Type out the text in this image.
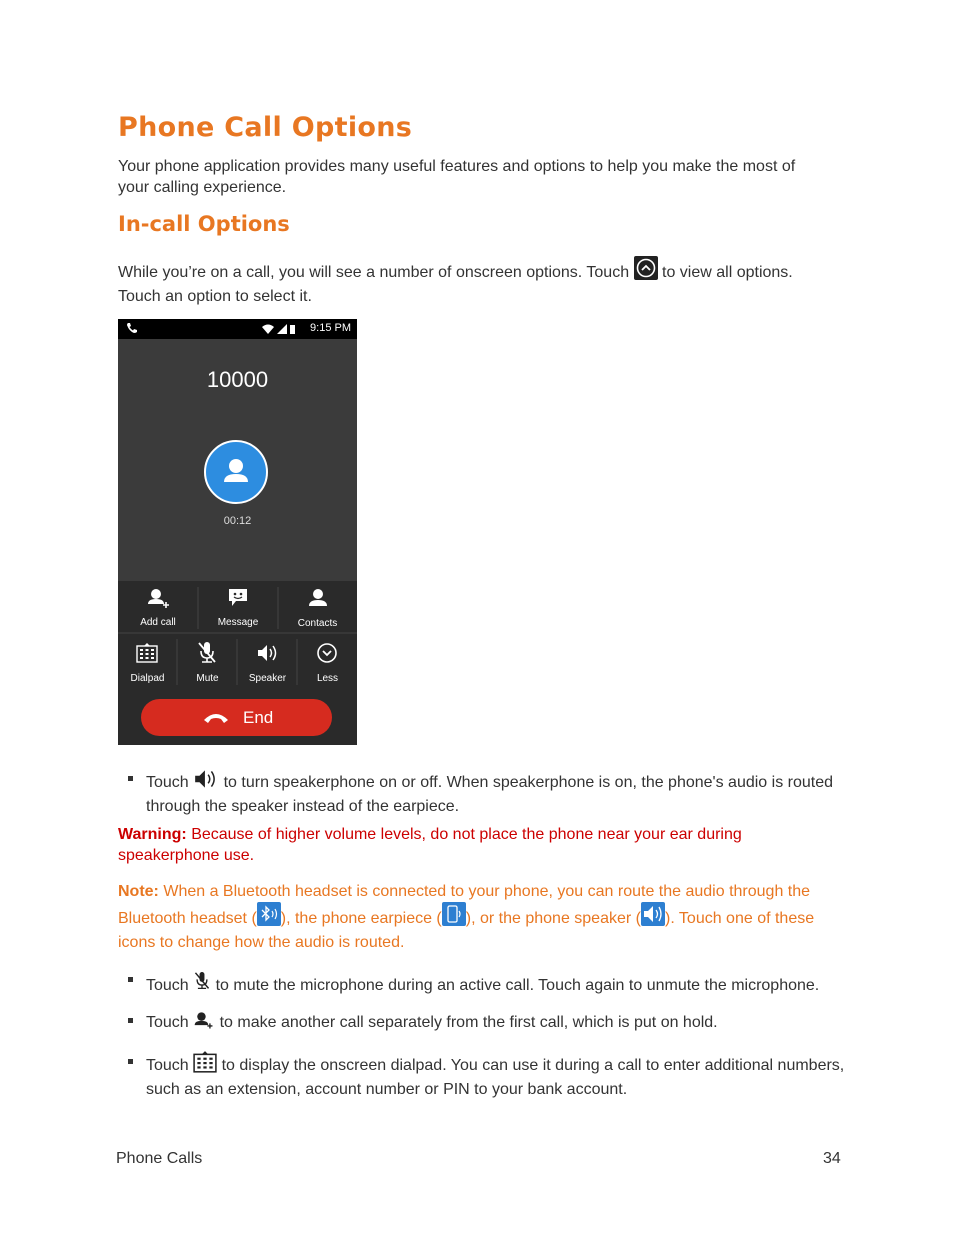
Phone Call Options

Your phone application provides many useful features and options to help you make the most of your calling experience.

In-call Options

While you’re on a call, you will see a number of onscreen options. Touch to view all options. Touch an option to select it.

9:15 PM
10000
00:12
Add call	Message	Contacts
Dialpad	Mute	Speaker	Less
End
Touch to turn speakerphone on or off. When speakerphone is on, the phone's audio is routed through the speaker instead of the earpiece.

Warning: Because of higher volume levels, do not place the phone near your ear during speakerphone use.

Note: When a Bluetooth headset is connected to your phone, you can route the audio through the Bluetooth headset ( ), the phone earpiece ( ), or the phone speaker ( ). Touch one of these icons to change how the audio is routed.

Touch to mute the microphone during an active call. Touch again to unmute the microphone.
Touch to make another call separately from the first call, which is put on hold.
Touch to display the onscreen dialpad. You can use it during a call to enter additional numbers, such as an extension, account number or PIN to your bank account.
Phone Calls	34
